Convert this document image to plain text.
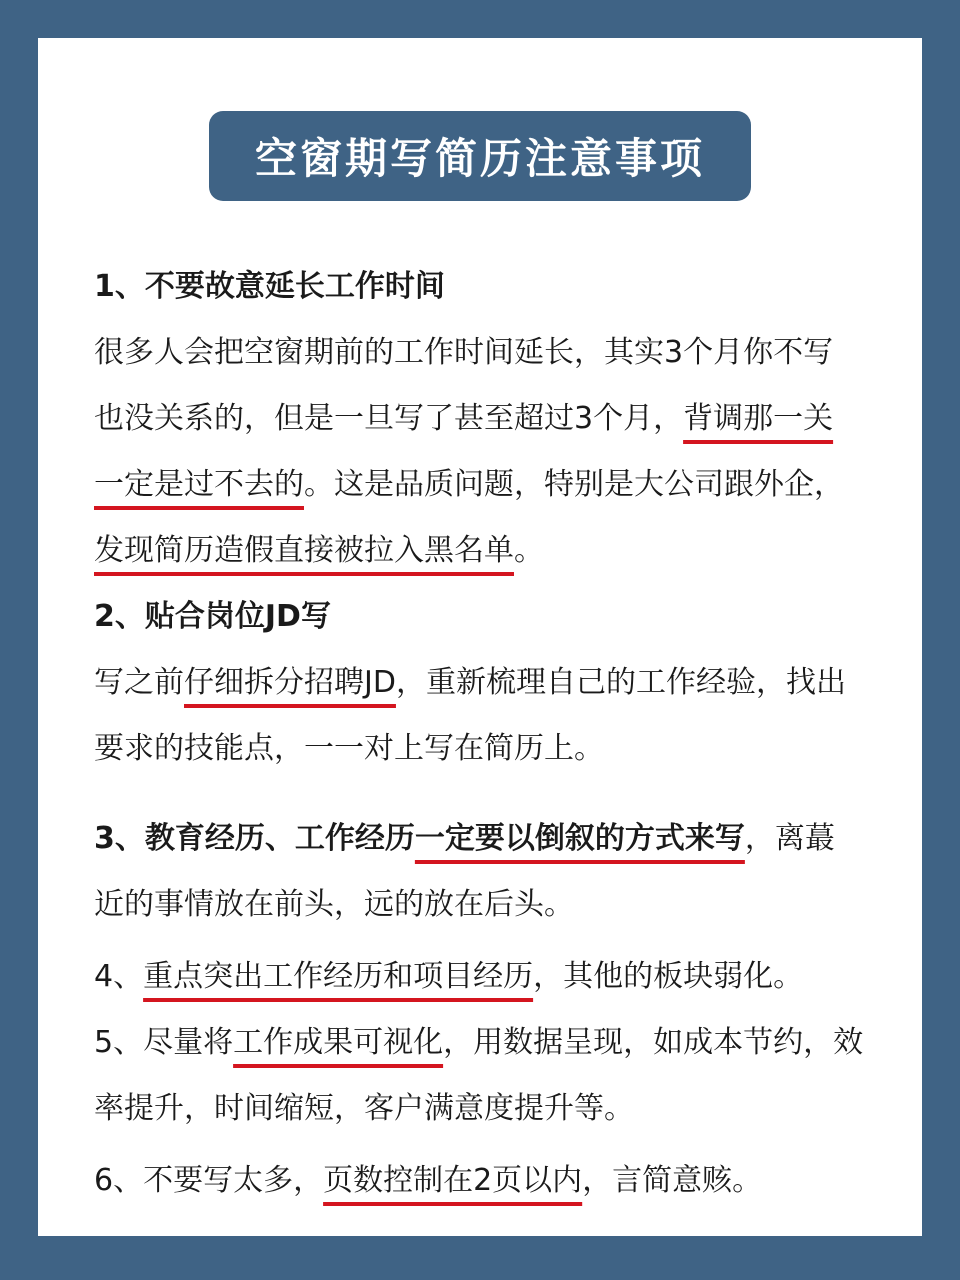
空窗期写简历注意事项
1、不要故意延长工作时间
很多人会把空窗期前的工作时间延长，其实3个月你不写
也没关系的，但是一旦写了甚至超过3个月，背调那一关
一定是过不去的。这是品质问题，特别是大公司跟外企，
发现简历造假直接被拉入黑名单。
2、贴合岗位JD写
写之前仔细拆分招聘JD，重新梳理自己的工作经验，找出
要求的技能点，一一对上写在简历上。
3、教育经历、工作经历一定要以倒叙的方式来写，离蕞
近的事情放在前头，远的放在后头。
4、重点突出工作经历和项目经历，其他的板块弱化。
5、尽量将工作成果可视化，用数据呈现，如成本节约，效
率提升，时间缩短，客户满意度提升等。
6、不要写太多，页数控制在2页以内，言简意赅。
